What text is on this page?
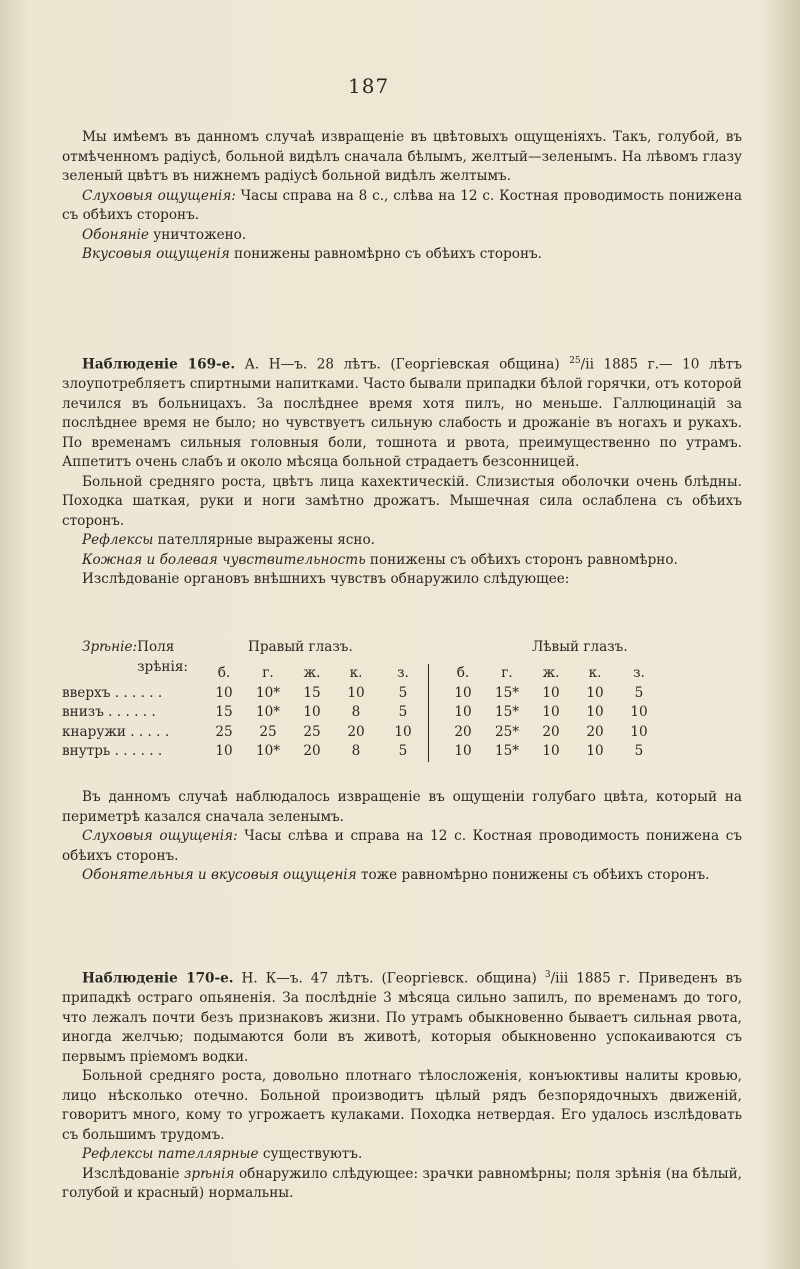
187

Мы имѣемъ въ данномъ случаѣ извращеніе въ цвѣтовыхъ ощущеніяхъ. Такъ, голубой, въ отмѣченномъ радіусѣ, больной видѣлъ сначала бѣлымъ, желтый—зеленымъ. На лѣвомъ глазу зеленый цвѣтъ въ нижнемъ радіусѣ больной видѣлъ желтымъ.

Слуховыя ощущенія: Часы справа на 8 с., слѣва на 12 с. Костная проводимость понижена съ обѣихъ сторонъ.

Обоняніе уничтожено.

Вкусовыя ощущенія понижены равномѣрно съ обѣихъ сторонъ.

Наблюденіе 169-е. А. Н—ъ. 28 лѣтъ. (Георгіевская община) $^{25}$/ii 1885 г.— 10 лѣтъ злоупотребляетъ спиртными напитками. Часто бывали припадки бѣлой горячки, отъ которой лечился въ больницахъ. За послѣднее время хотя пилъ, но меньше. Галлюцинацій за послѣднее время не было; но чувствуетъ сильную слабость и дрожаніе въ ногахъ и рукахъ. По временамъ сильныя головныя боли, тошнота и рвота, преимущественно по утрамъ. Аппетитъ очень слабъ и около мѣсяца больной страдаетъ безсонницей.

Больной средняго роста, цвѣтъ лица кахектическій. Слизистыя оболочки очень блѣдны. Походка шаткая, руки и ноги замѣтно дрожатъ. Мышечная сила ослаблена съ обѣихъ сторонъ.

Рефлексы пателлярные выражены ясно.

Кожная и болевая чувствительность понижены съ обѣихъ сторонъ равномѣрно.

Изслѣдованіе органовъ внѣшнихъ чувствъ обнаружило слѣдующее:

Зрѣніе: Поля зрѣнія:
Правый глазъ.	Лѣвый глазъ.
	б.	г.	ж.	к.	з.		б.	г.	ж.	к.	з.
вверхъ . . . . . .	10	10*	15	10	5		10	15*	10	10	5
внизъ . . . . . .	15	10*	10	8	5		10	15*	10	10	10
кнаружи . . . . .	25	25	25	20	10		20	25*	20	20	10
внутрь . . . . . .	10	10*	20	8	5		10	15*	10	10	5

Въ данномъ случаѣ наблюдалось извращеніе въ ощущеніи голубаго цвѣта, который на периметрѣ казался сначала зеленымъ.

Слуховыя ощущенія: Часы слѣва и справа на 12 с. Костная проводимость понижена съ обѣихъ сторонъ.

Обонятельныя и вкусовыя ощущенія тоже равномѣрно понижены съ обѣихъ сторонъ.

Наблюденіе 170-е. Н. К—ъ. 47 лѣтъ. (Георгіевск. община) $^3$/iii 1885 г. Приведенъ въ припадкѣ остраго опьяненія. За послѣдніе 3 мѣсяца сильно запилъ, по временамъ до того, что лежалъ почти безъ признаковъ жизни. По утрамъ обыкновенно бываетъ сильная рвота, иногда желчью; подымаются боли въ животѣ, которыя обыкновенно успокаиваются съ первымъ пріемомъ водки.

Больной средняго роста, довольно плотнаго тѣлосложенія, конъюктивы налиты кровью, лицо нѣсколько отечно. Больной производитъ цѣлый рядъ безпорядочныхъ движеній, говоритъ много, кому то угрожаетъ кулаками. Походка нетвердая. Его удалось изслѣдовать съ большимъ трудомъ.

Рефлексы пателлярные существуютъ.

Изслѣдованіе зрѣнія обнаружило слѣдующее: зрачки равномѣрны; поля зрѣнія (на бѣлый, голубой и красный) нормальны.
